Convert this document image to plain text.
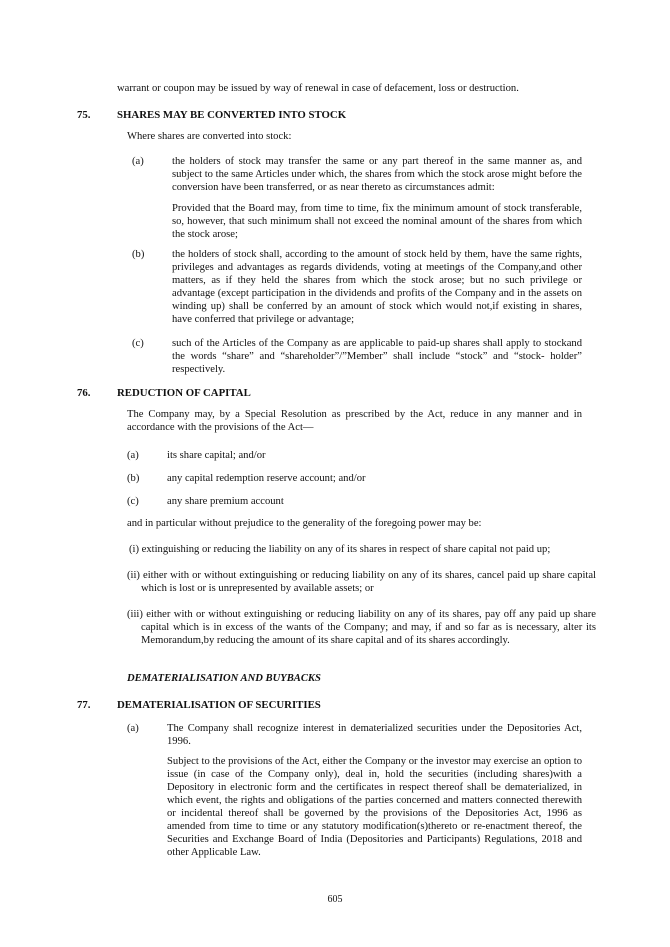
warrant or coupon may be issued by way of renewal in case of defacement, loss or destruction.
75. SHARES MAY BE CONVERTED INTO STOCK
Where shares are converted into stock:
(a)	the holders of stock may transfer the same or any part thereof in the same manner as, and subject to the same Articles under which, the shares from which the stock arose might before the conversion have been transferred, or as near thereto as circumstances admit:
Provided that the Board may, from time to time, fix the minimum amount of stock transferable, so, however, that such minimum shall not exceed the nominal amount of the shares from which the stock arose;
(b)	the holders of stock shall, according to the amount of stock held by them, have the same rights, privileges and advantages as regards dividends, voting at meetings of the Company,and other matters, as if they held the shares from which the stock arose; but no such privilege or advantage (except participation in the dividends and profits of the Company and in the assets on winding up) shall be conferred by an amount of stock which would not,if existing in shares, have conferred that privilege or advantage;
(c)	such of the Articles of the Company as are applicable to paid-up shares shall apply to stockand the words “share” and “shareholder”/”Member” shall include “stock” and “stock- holder” respectively.
76. REDUCTION OF CAPITAL
The Company may, by a Special Resolution as prescribed by the Act, reduce in any manner and in accordance with the provisions of the Act—
(a)	its share capital; and/or
(b)	any capital redemption reserve account; and/or
(c)	any share premium account
and in particular without prejudice to the generality of the foregoing power may be:
(i) extinguishing or reducing the liability on any of its shares in respect of share capital not paid up;
(ii) either with or without extinguishing or reducing liability on any of its shares, cancel paid up share capital which is lost or is unrepresented by available assets; or
(iii) either with or without extinguishing or reducing liability on any of its shares, pay off any paid up share capital which is in excess of the wants of the Company; and may, if and so far as is necessary, alter its Memorandum,by reducing the amount of its share capital and of its shares accordingly.
DEMATERIALISATION AND BUYBACKS
77. DEMATERIALISATION OF SECURITIES
(a)	The Company shall recognize interest in dematerialized securities under the Depositories Act, 1996.
Subject to the provisions of the Act, either the Company or the investor may exercise an option to issue (in case of the Company only), deal in, hold the securities (including shares)with a Depository in electronic form and the certificates in respect thereof shall be dematerialized, in which event, the rights and obligations of the parties concerned and matters connected therewith or incidental thereof shall be governed by the provisions of the Depositories Act, 1996 as amended from time to time or any statutory modification(s)thereto or re-enactment thereof, the Securities and Exchange Board of India (Depositories and Participants) Regulations, 2018 and other Applicable Law.
605
